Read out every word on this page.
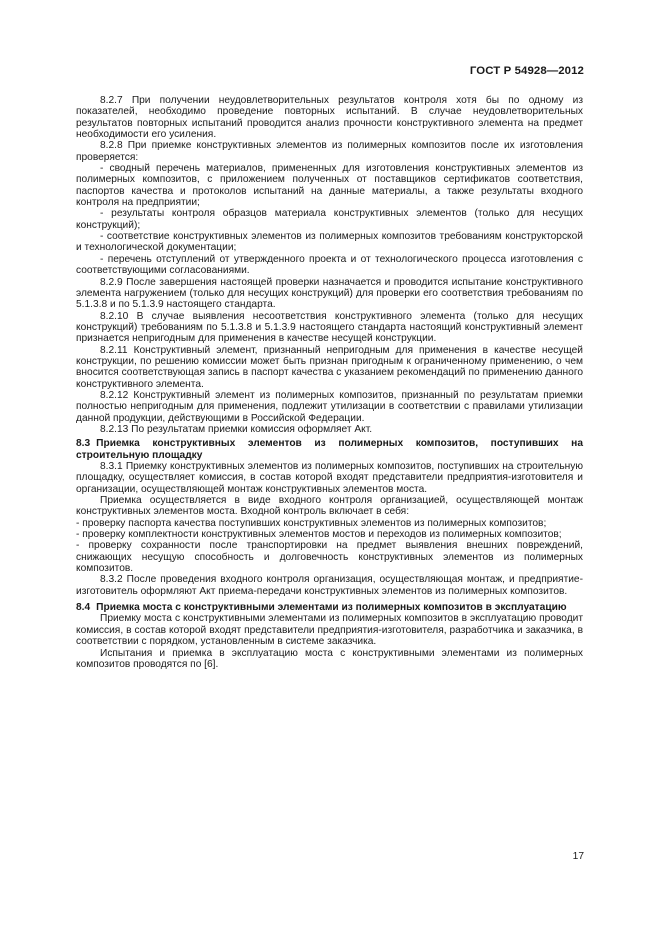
ГОСТ Р 54928—2012

8.2.7 При получении неудовлетворительных результатов контроля хотя бы по одному из показателей, необходимо проведение повторных испытаний. В случае неудовлетворительных результатов повторных испытаний проводится анализ прочности конструктивного элемента на предмет необходимости его усиления.

8.2.8 При приемке конструктивных элементов из полимерных композитов после их изготовления проверяется:

- сводный перечень материалов, примененных для изготовления конструктивных элементов из полимерных композитов, с приложением полученных от поставщиков сертификатов соответствия, паспортов качества и протоколов испытаний на данные материалы, а также результаты входного контроля на предприятии;

- результаты контроля образцов материала конструктивных элементов (только для несущих конструкций);

- соответствие конструктивных элементов из полимерных композитов требованиям конструкторской и технологической документации;

- перечень отступлений от утвержденного проекта и от технологического процесса изготовления с соответствующими согласованиями.

8.2.9 После завершения настоящей проверки назначается и проводится испытание конструктивного элемента нагружением (только для несущих конструкций) для проверки его соответствия требованиям по 5.1.3.8 и по 5.1.3.9 настоящего стандарта.

8.2.10 В случае выявления несоответствия конструктивного элемента (только для несущих конструкций) требованиям по 5.1.3.8 и 5.1.3.9 настоящего стандарта настоящий конструктивный элемент признается непригодным для применения в качестве несущей конструкции.

8.2.11 Конструктивный элемент, признанный непригодным для применения в качестве несущей конструкции, по решению комиссии может быть признан пригодным к ограниченному применению, о чем вносится соответствующая запись в паспорт качества с указанием рекомендаций по применению данного конструктивного элемента.

8.2.12 Конструктивный элемент из полимерных композитов, признанный по результатам приемки полностью непригодным для применения, подлежит утилизации в соответствии с правилами утилизации данной продукции, действующими в Российской Федерации.

8.2.13 По результатам приемки комиссия оформляет Акт.

8.3 Приемка конструктивных элементов из полимерных композитов, поступивших на строительную площадку

8.3.1 Приемку конструктивных элементов из полимерных композитов, поступивших на строительную площадку, осуществляет комиссия, в состав которой входят представители предприятия-изготовителя и организации, осуществляющей монтаж конструктивных элементов моста.

Приемка осуществляется в виде входного контроля организацией, осуществляющей монтаж конструктивных элементов моста. Входной контроль включает в себя:

- проверку паспорта качества поступивших конструктивных элементов из полимерных композитов;

- проверку комплектности конструктивных элементов мостов и переходов из полимерных композитов;

- проверку сохранности после транспортировки на предмет выявления внешних повреждений, снижающих несущую способность и долговечность конструктивных элементов из полимерных композитов.

8.3.2 После проведения входного контроля организация, осуществляющая монтаж, и предприятие-изготовитель оформляют Акт приема-передачи конструктивных элементов из полимерных композитов.

8.4 Приемка моста с конструктивными элементами из полимерных композитов в эксплуатацию

Приемку моста с конструктивными элементами из полимерных композитов в эксплуатацию проводит комиссия, в состав которой входят представители предприятия-изготовителя, разработчика и заказчика, в соответствии с порядком, установленным в системе заказчика.

Испытания и приемка в эксплуатацию моста с конструктивными элементами из полимерных композитов проводятся по [6].

17
